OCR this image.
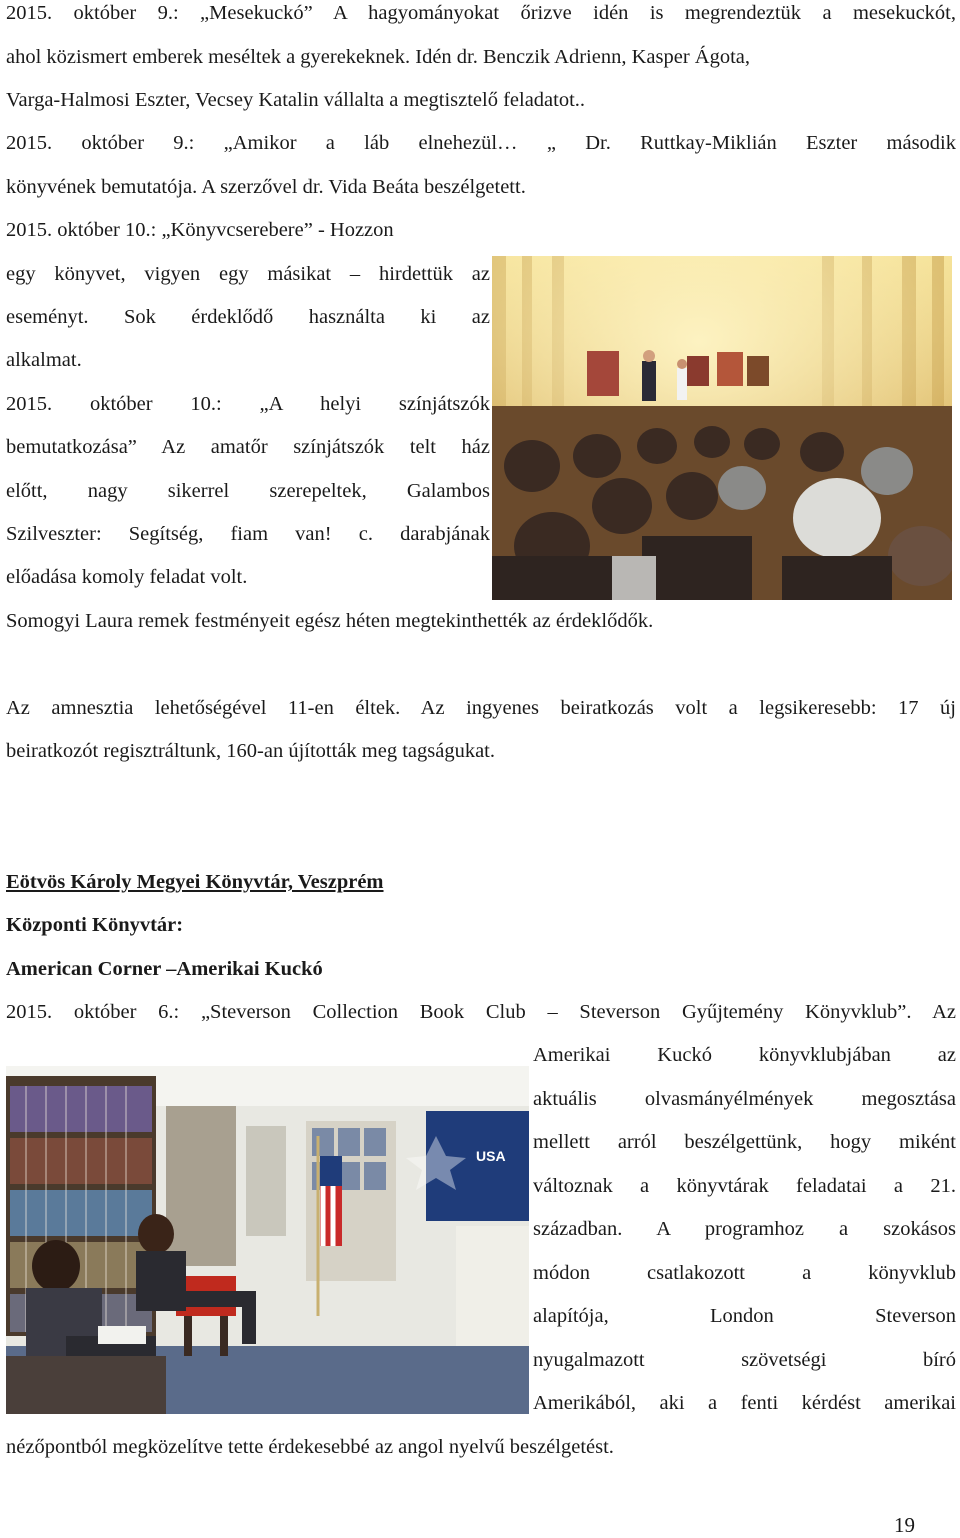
2015. október 9.: „Mesekuckó” A hagyományokat őrizve idén is megrendeztük a mesekuckót,
ahol közismert emberek meséltek a gyerekeknek. Idén dr. Benczik Adrienn, Kasper Ágota,
Varga-Halmosi Eszter, Vecsey Katalin vállalta a megtisztelő feladatot..
2015. október 9.: „Amikor a láb elnehezül… „ Dr. Ruttkay-Miklián Eszter második
könyvének bemutatója. A szerzővel dr. Vida Beáta beszélgetett.
2015. október 10.: „Könyvcserebere” - Hozzon
egy könyvet, vigyen egy másikat – hirdettük az
eseményt. Sok érdeklődő használta ki az
alkalmat.
2015. október 10.: „A helyi színjátszók
bemutatkozása” Az amatőr színjátszók telt ház
előtt, nagy sikerrel szerepeltek, Galambos
Szilveszter: Segítség, fiam van! c. darabjának
előadása komoly feladat volt.
Somogyi Laura remek festményeit egész héten megtekinthették az érdeklődők.
Az amnesztia lehetőségével 11-en éltek. Az ingyenes beiratkozás volt a legsikeresebb: 17 új
beiratkozót regisztráltunk, 160-an újították meg tagságukat.
Eötvös Károly Megyei Könyvtár, Veszprém
Központi Könyvtár:
American Corner –Amerikai Kuckó
2015. október 6.: „Steverson Collection Book Club – Steverson Gyűjtemény Könyvklub”. Az
Amerikai Kuckó könyvklubjában az
aktuális olvasmányélmények megosztása
mellett arról beszélgettünk, hogy miként
változnak a könyvtárak feladatai a 21.
században. A programhoz a szokásos
módon csatlakozott a könyvklub
alapítója, London Steverson
nyugalmazott szövetségi bíró
Amerikából, aki a fenti kérdést amerikai
nézőpontból megközelítve tette érdekesebbé az angol nyelvű beszélgetést.
USA
19
